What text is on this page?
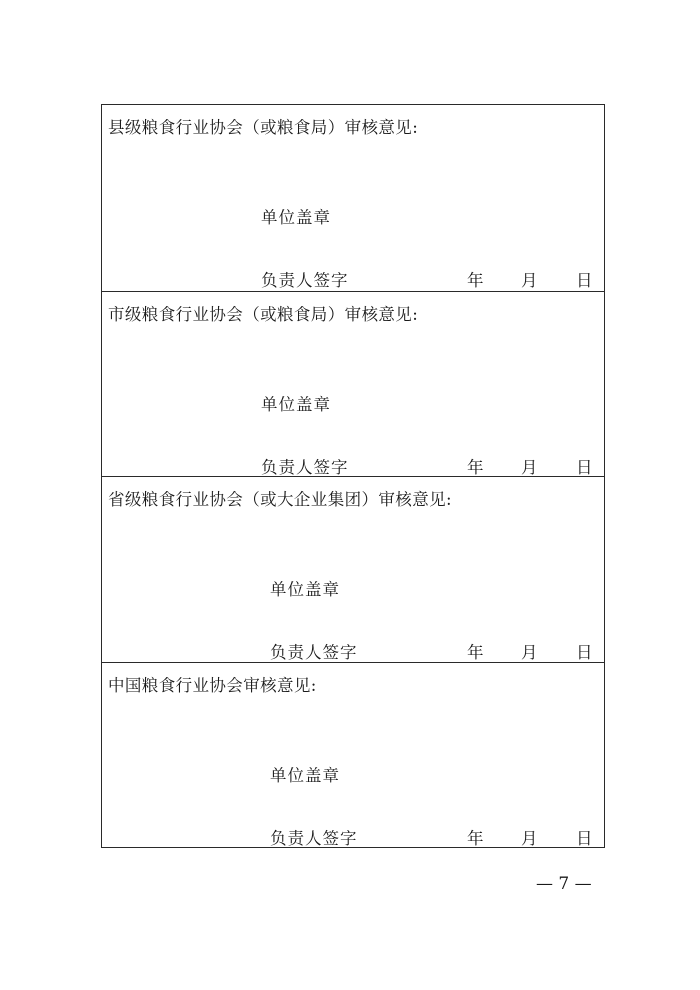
县级粮食行业协会（或粮食局）审核意见:
单位盖章
负责人签字	年 月 日
市级粮食行业协会（或粮食局）审核意见:
单位盖章
负责人签字	年 月 日
省级粮食行业协会（或大企业集团）审核意见:
单位盖章
负责人签字	年 月 日
中国粮食行业协会审核意见:
单位盖章
负责人签字	年 月 日
— 7 —
